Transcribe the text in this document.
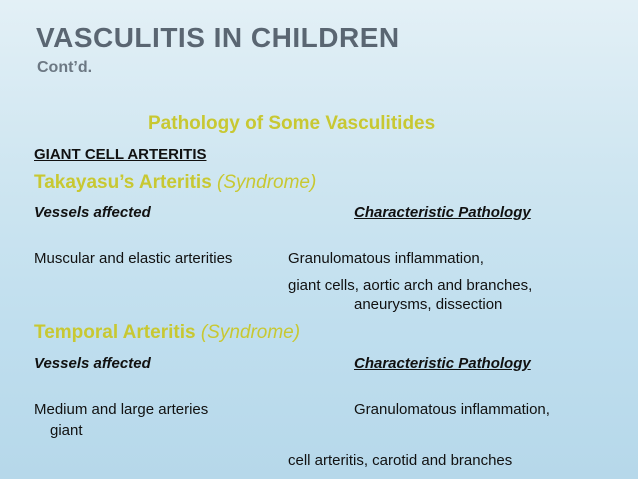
VASCULITIS IN CHILDREN
Cont’d.
Pathology of Some Vasculitides
GIANT CELL ARTERITIS
Takayasu’s Arteritis (Syndrome)
Vessels affected	Characteristic Pathology
Muscular and elastic arterities	Granulomatous inflammation,
giant cells, aortic arch and branches,
aneurysms, dissection
Temporal Arteritis (Syndrome)
Vessels affected	Characteristic Pathology
Medium and large arteries	Granulomatous inflammation,
giant
cell arteritis, carotid and branches
